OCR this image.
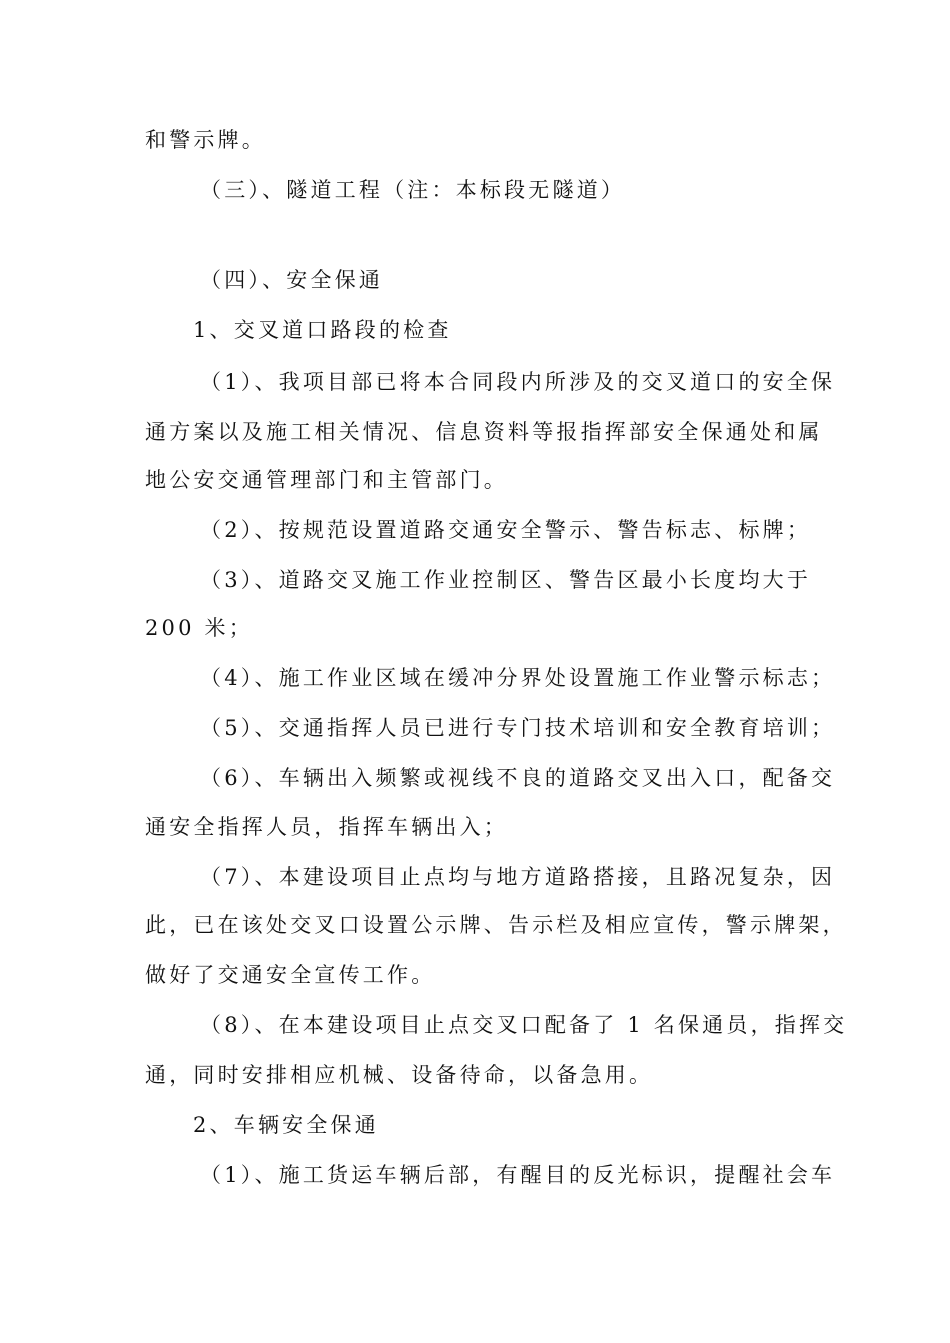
和警示牌。
（三）、隧道工程（注：本标段无隧道）
（四）、安全保通
1、交叉道口路段的检查
（1）、我项目部已将本合同段内所涉及的交叉道口的安全保
通方案以及施工相关情况、信息资料等报指挥部安全保通处和属
地公安交通管理部门和主管部门。
（2）、按规范设置道路交通安全警示、警告标志、标牌；
（3）、道路交叉施工作业控制区、警告区最小长度均大于
200 米；
（4）、施工作业区域在缓冲分界处设置施工作业警示标志；
（5）、交通指挥人员已进行专门技术培训和安全教育培训；
（6）、车辆出入频繁或视线不良的道路交叉出入口，配备交
通安全指挥人员，指挥车辆出入；
（7）、本建设项目止点均与地方道路搭接，且路况复杂，因
此，已在该处交叉口设置公示牌、告示栏及相应宣传，警示牌架，
做好了交通安全宣传工作。
（8）、在本建设项目止点交叉口配备了 1 名保通员，指挥交
通，同时安排相应机械、设备待命，以备急用。
2、车辆安全保通
（1）、施工货运车辆后部，有醒目的反光标识，提醒社会车
